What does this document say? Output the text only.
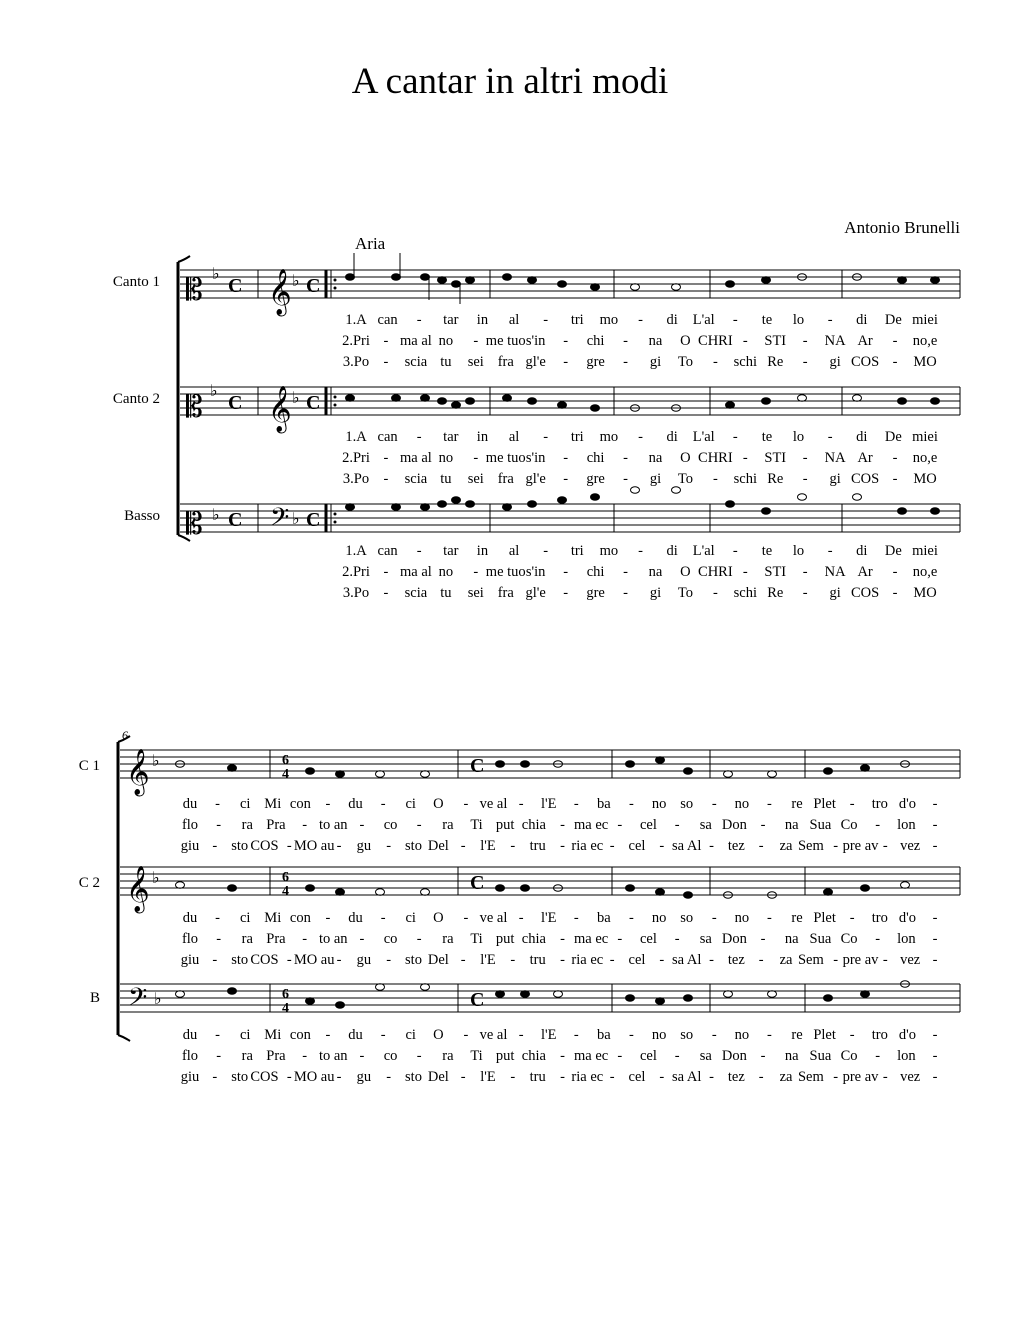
A cantar in altri modi
Antonio Brunelli
Aria
Canto 1
Canto 2
Basso
C 1
C 2
B
6
𝄡
𝄡
𝄡
𝄞
𝄞
𝄢
♭
♭
♭
♭
♭
♭
C
C
C
C
C
C
𝄞
𝄞
𝄢
♭
♭
♭
6
4
6
4
6
4
C
C
C
1.A can - tar in al - tri mo - di L'al - te lo - di De miei
2.Pri - ma al no - me tuo s'in - chi - na O CHRI - STI - NA Ar - no,e
3.Po - scia tu sei fra gl'e - gre - gi To - schi Re - gi COS - MO
1.A can - tar in al - tri mo - di L'al - te lo - di De miei
2.Pri - ma al no - me tuo s'in - chi - na O CHRI - STI - NA Ar - no,e
3.Po - scia tu sei fra gl'e - gre - gi To - schi Re - gi COS - MO
1.A can - tar in al - tri mo - di L'al - te lo - di De miei
2.Pri - ma al no - me tuo s'in - chi - na O CHRI - STI - NA Ar - no,e
3.Po - scia tu sei fra gl'e - gre - gi To - schi Re - gi COS - MO
du - ci Mi con - du - ci O - ve al - l'E - ba - no so - no - re Plet - tro d'o -
flo - ra Pra - to an - co - ra Ti put chia - ma ec - cel - sa Don - na Sua Co - lon -
giu - sto COS - MO au - gu - sto Del - l'E - tru - ria ec - cel - sa Al - tez - za Sem - pre av - vez -
du - ci Mi con - du - ci O - ve al - l'E - ba - no so - no - re Plet - tro d'o -
flo - ra Pra - to an - co - ra Ti put chia - ma ec - cel - sa Don - na Sua Co - lon -
giu - sto COS - MO au - gu - sto Del - l'E - tru - ria ec - cel - sa Al - tez - za Sem - pre av - vez -
du - ci Mi con - du - ci O - ve al - l'E - ba - no so - no - re Plet - tro d'o -
flo - ra Pra - to an - co - ra Ti put chia - ma ec - cel - sa Don - na Sua Co - lon -
giu - sto COS - MO au - gu - sto Del - l'E - tru - ria ec - cel - sa Al - tez - za Sem - pre av - vez -
